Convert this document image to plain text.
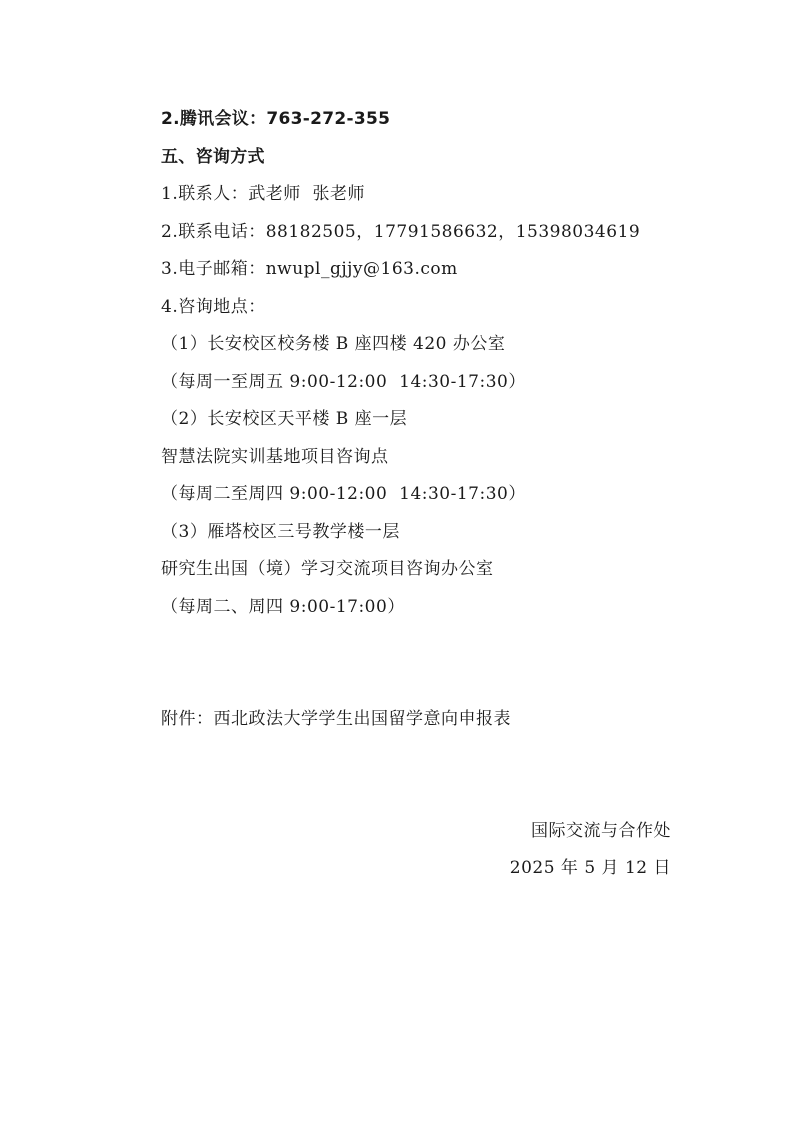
2.腾讯会议：763-272-355
五、咨询方式
1.联系人：武老师  张老师
2.联系电话：88182505，17791586632，15398034619
3.电子邮箱：nwupl_gjjy@163.com
4.咨询地点：
（1）长安校区校务楼 B 座四楼 420 办公室
（每周一至周五 9:00-12:00  14:30-17:30）
（2）长安校区天平楼 B 座一层
智慧法院实训基地项目咨询点
（每周二至周四 9:00-12:00  14:30-17:30）
（3）雁塔校区三号教学楼一层
研究生出国（境）学习交流项目咨询办公室
（每周二、周四 9:00-17:00）
附件：西北政法大学学生出国留学意向申报表
国际交流与合作处
2025 年 5 月 12 日
